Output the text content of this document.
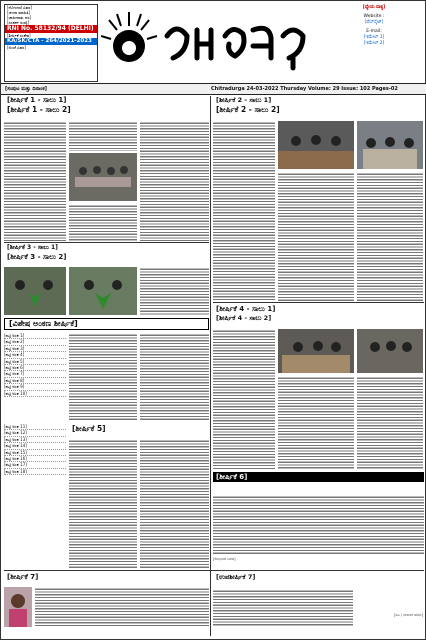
[ನೋಂದಣಿ ವಿವರ]
[ಚಂದಾ ಮಾಹಿತಿ]
[ಜಾಹೀರಾತು ದರ]
[ಸಂಪರ್ಕ ಸಂಖ್ಯೆ]
RNI No. 58132/94 (DELHI)
[ಶೀರ್ಷಿಕೆ ಸಂಕೇತ]
KA/SK/CTA - 264/2021-2023
[ಅಂಚೆ ವಿವರ]
[ಧ್ಯೇಯ ವಾಕ್ಯ]
Website :
[ವೆಬ್‌ಸೈಟ್]
E-mail:
[ಇಮೇಲ್ 1]
[ಇಮೇಲ್ 2]
[ಸಂಪುಟ ಮತ್ತು ದಿನಾಂಕ]	Chitradurga 24-03-2022 Thursday Volume: 29 Issue: 102 Pages-02
[ಶೀರ್ಷಿಕೆ 1 - ಸಾಲು 1]
[ಶೀರ್ಷಿಕೆ 1 - ಸಾಲು 2]
[ಶೀರ್ಷಿಕೆ 2 - ಸಾಲು 1]
[ಶೀರ್ಷಿಕೆ 2 - ಸಾಲು 2]
[ಶೀರ್ಷಿಕೆ 3 - ಸಾಲು 1]
[ಶೀರ್ಷಿಕೆ 3 - ಸಾಲು 2]
[ವಿಶೇಷ ಅಂಕಣ ಶೀರ್ಷಿಕೆ]
[ಪಟ್ಟಿ ಅಂಶ 1]
[ಪಟ್ಟಿ ಅಂಶ 2]
[ಪಟ್ಟಿ ಅಂಶ 3]
[ಪಟ್ಟಿ ಅಂಶ 4]
[ಪಟ್ಟಿ ಅಂಶ 5]
[ಪಟ್ಟಿ ಅಂಶ 6]
[ಪಟ್ಟಿ ಅಂಶ 7]
[ಪಟ್ಟಿ ಅಂಶ 8]
[ಪಟ್ಟಿ ಅಂಶ 9]
[ಪಟ್ಟಿ ಅಂಶ 10]
[ಶೀರ್ಷಿಕೆ 5]
[ಪಟ್ಟಿ ಅಂಶ 11]
[ಪಟ್ಟಿ ಅಂಶ 12]
[ಪಟ್ಟಿ ಅಂಶ 13]
[ಪಟ್ಟಿ ಅಂಶ 14]
[ಪಟ್ಟಿ ಅಂಶ 15]
[ಪಟ್ಟಿ ಅಂಶ 16]
[ಪಟ್ಟಿ ಅಂಶ 17]
[ಪಟ್ಟಿ ಅಂಶ 18]
[ಶೀರ್ಷಿಕೆ 4 - ಸಾಲು 1]
[ಶೀರ್ಷಿಕೆ 4 - ಸಾಲು 2]
[ಶೀರ್ಷಿಕೆ 6]
[ಕೆಳಭಾಗದ ಬರಹ]
[ಶೀರ್ಷಿಕೆ 7]	[ಉಪಶೀರ್ಷಿಕೆ 7]
[ಸಹಿ / ಲೇಖಕರ ಹೆಸರು]
